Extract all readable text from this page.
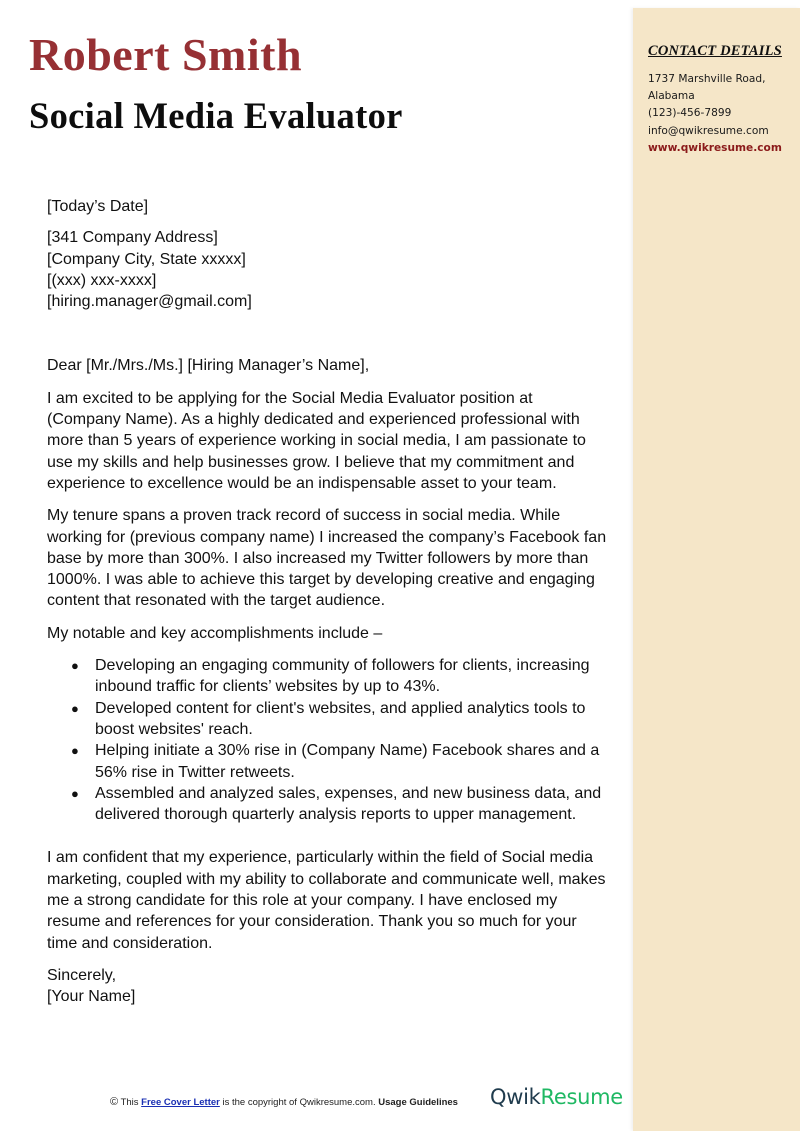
Robert Smith
Social Media Evaluator
CONTACT DETAILS
1737 Marshville Road,
Alabama
(123)-456-7899
info@qwikresume.com
www.qwikresume.com

[Today’s Date]

[341 Company Address]

[Company City, State xxxxx]

[(xxx) xxx-xxxx]

[hiring.manager@gmail.com]

Dear [Mr./Mrs./Ms.] [Hiring Manager’s Name],

I am excited to be applying for the Social Media Evaluator position at (Company Name). As a highly dedicated and experienced professional with more than 5 years of experience working in social media, I am passionate to use my skills and help businesses grow. I believe that my commitment and experience to excellence would be an indispensable asset to your team.

My tenure spans a proven track record of success in social media. While working for (previous company name) I increased the company’s Facebook fan base by more than 300%. I also increased my Twitter followers by more than 1000%. I was able to achieve this target by developing creative and engaging content that resonated with the target audience.

My notable and key accomplishments include –

● Developing an engaging community of followers for clients, increasing inbound traffic for clients’ websites by up to 43%.
● Developed content for client's websites, and applied analytics tools to boost websites' reach.
● Helping initiate a 30% rise in (Company Name) Facebook shares and a 56% rise in Twitter retweets.
● Assembled and analyzed sales, expenses, and new business data, and delivered thorough quarterly analysis reports to upper management.

I am confident that my experience, particularly within the field of Social media marketing, coupled with my ability to collaborate and communicate well, makes me a strong candidate for this role at your company. I have enclosed my resume and references for your consideration. Thank you so much for your time and consideration.

Sincerely,

[Your Name]

© This Free Cover Letter is the copyright of Qwikresume.com. Usage Guidelines QwikResume
